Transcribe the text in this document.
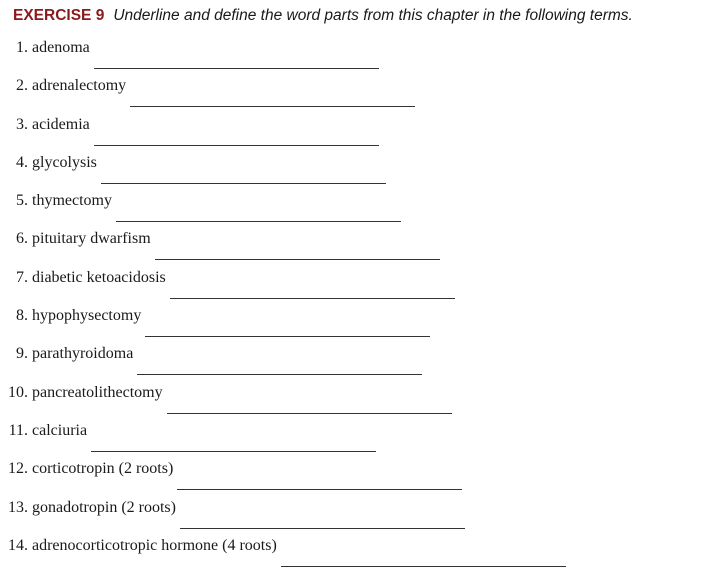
EXERCISE 9 Underline and define the word parts from this chapter in the following terms.
1. adenoma
2. adrenalectomy
3. acidemia
4. glycolysis
5. thymectomy
6. pituitary dwarfism
7. diabetic ketoacidosis
8. hypophysectomy
9. parathyroidoma
10. pancreatolithectomy
11. calciuria
12. corticotropin (2 roots)
13. gonadotropin (2 roots)
14. adrenocorticotropic hormone (4 roots)
